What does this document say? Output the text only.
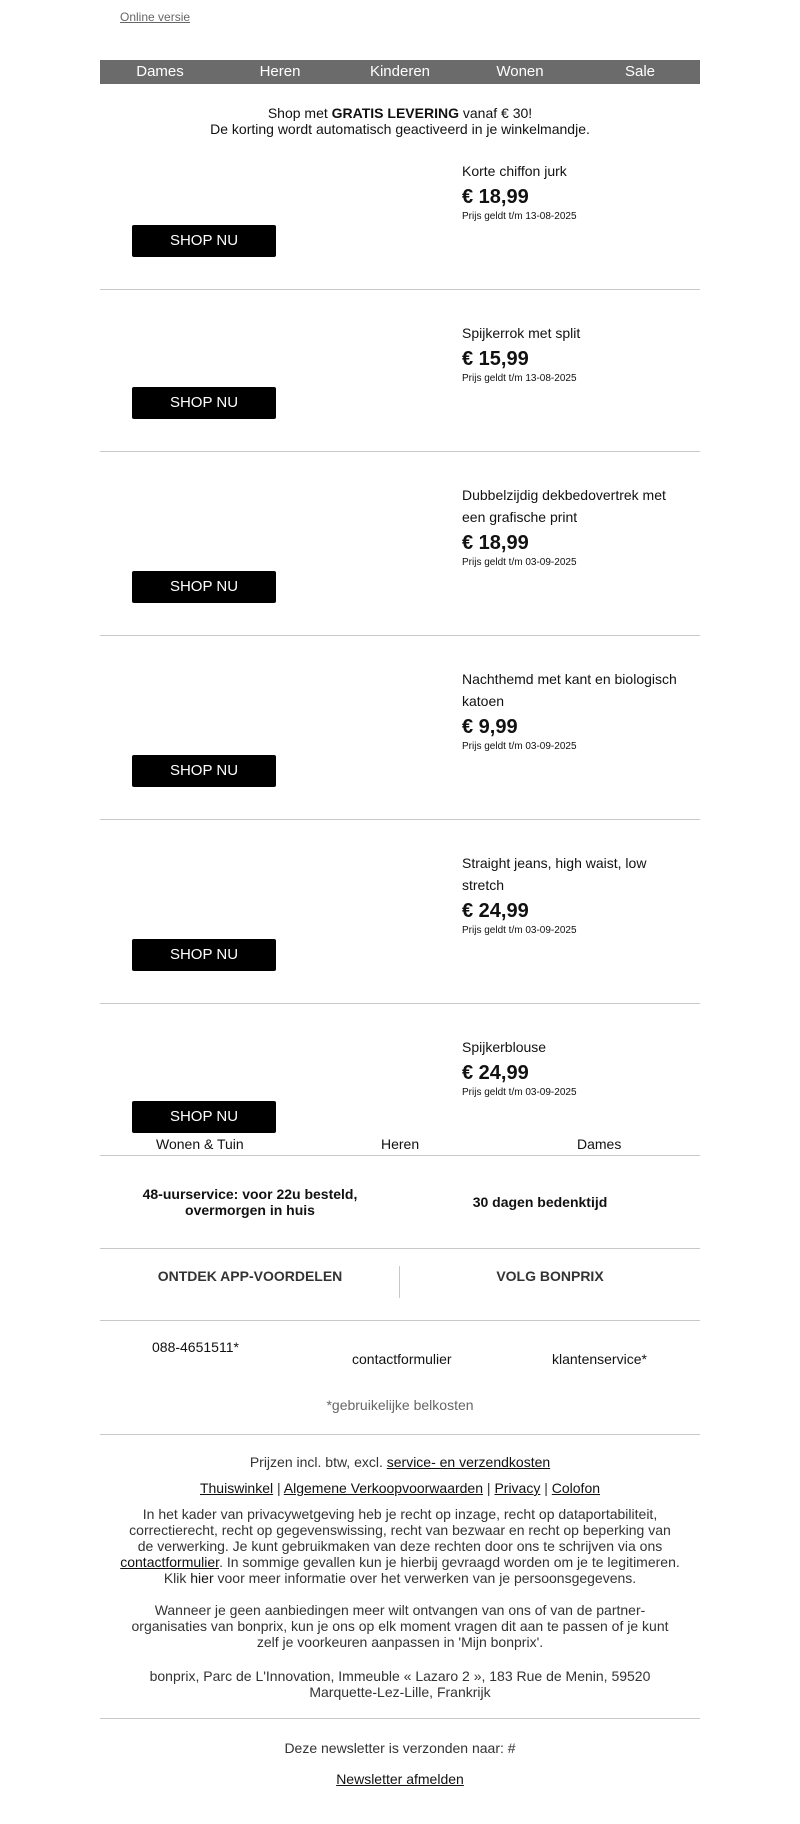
Online versie
Dames	Heren	Kinderen	Wonen	Sale
Shop met GRATIS LEVERING vanaf € 30!
De korting wordt automatisch geactiveerd in je winkelmandje.
Korte chiffon jurk
€ 18,99
Prijs geldt t/m 13-08-2025
SHOP NU
Spijkerrok met split
€ 15,99
Prijs geldt t/m 13-08-2025
SHOP NU
Dubbelzijdig dekbedovertrek met een grafische print
€ 18,99
Prijs geldt t/m 03-09-2025
SHOP NU
Nachthemd met kant en biologisch katoen
€ 9,99
Prijs geldt t/m 03-09-2025
SHOP NU
Straight jeans, high waist, low stretch
€ 24,99
Prijs geldt t/m 03-09-2025
SHOP NU
Spijkerblouse
€ 24,99
Prijs geldt t/m 03-09-2025
SHOP NU
Wonen & Tuin	Heren	Dames
48-uurservice: voor 22u besteld, overmorgen in huis	30 dagen bedenktijd
ONTDEK APP-VOORDELEN	VOLG BONPRIX
088-4651511*
contactformulier	klantenservice*
*gebruikelijke belkosten
Prijzen incl. btw, excl. service- en verzendkosten
Thuiswinkel | Algemene Verkoopvoorwaarden | Privacy | Colofon
In het kader van privacywetgeving heb je recht op inzage, recht op dataportabiliteit, correctierecht, recht op gegevenswissing, recht van bezwaar en recht op beperking van de verwerking. Je kunt gebruikmaken van deze rechten door ons te schrijven via ons contactformulier. In sommige gevallen kun je hierbij gevraagd worden om je te legitimeren. Klik hier voor meer informatie over het verwerken van je persoonsgegevens.
Wanneer je geen aanbiedingen meer wilt ontvangen van ons of van de partner-organisaties van bonprix, kun je ons op elk moment vragen dit aan te passen of je kunt zelf je voorkeuren aanpassen in 'Mijn bonprix'.
bonprix, Parc de L'Innovation, Immeuble « Lazaro 2 », 183 Rue de Menin, 59520 Marquette-Lez-Lille, Frankrijk
Deze newsletter is verzonden naar: #
Newsletter afmelden
